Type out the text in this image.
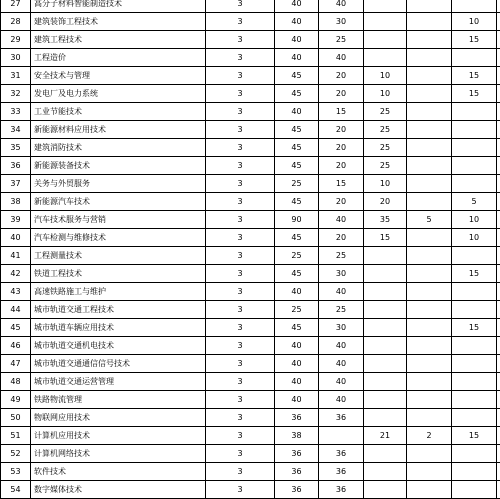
27	高分子材料智能制造技术	3	40	40				
28	建筑装饰工程技术	3	40	30			10	
29	建筑工程技术	3	40	25			15	
30	工程造价	3	40	40				
31	安全技术与管理	3	45	20	10		15	
32	发电厂及电力系统	3	45	20	10		15	
33	工业节能技术	3	40	15	25			
34	新能源材料应用技术	3	45	20	25			
35	建筑消防技术	3	45	20	25			
36	新能源装备技术	3	45	20	25			
37	关务与外贸服务	3	25	15	10			
38	新能源汽车技术	3	45	20	20		5	
39	汽车技术服务与营销	3	90	40	35	5	10	
40	汽车检测与维修技术	3	45	20	15		10	
41	工程测量技术	3	25	25				
42	铁道工程技术	3	45	30			15	
43	高速铁路施工与维护	3	40	40				
44	城市轨道交通工程技术	3	25	25				
45	城市轨道车辆应用技术	3	45	30			15	
46	城市轨道交通机电技术	3	40	40				
47	城市轨道交通通信信号技术	3	40	40				
48	城市轨道交通运营管理	3	40	40				
49	铁路物流管理	3	40	40				
50	物联网应用技术	3	36	36				
51	计算机应用技术	3	38		21	2	15	
52	计算机网络技术	3	36	36				
53	软件技术	3	36	36				
54	数字媒体技术	3	36	36				
